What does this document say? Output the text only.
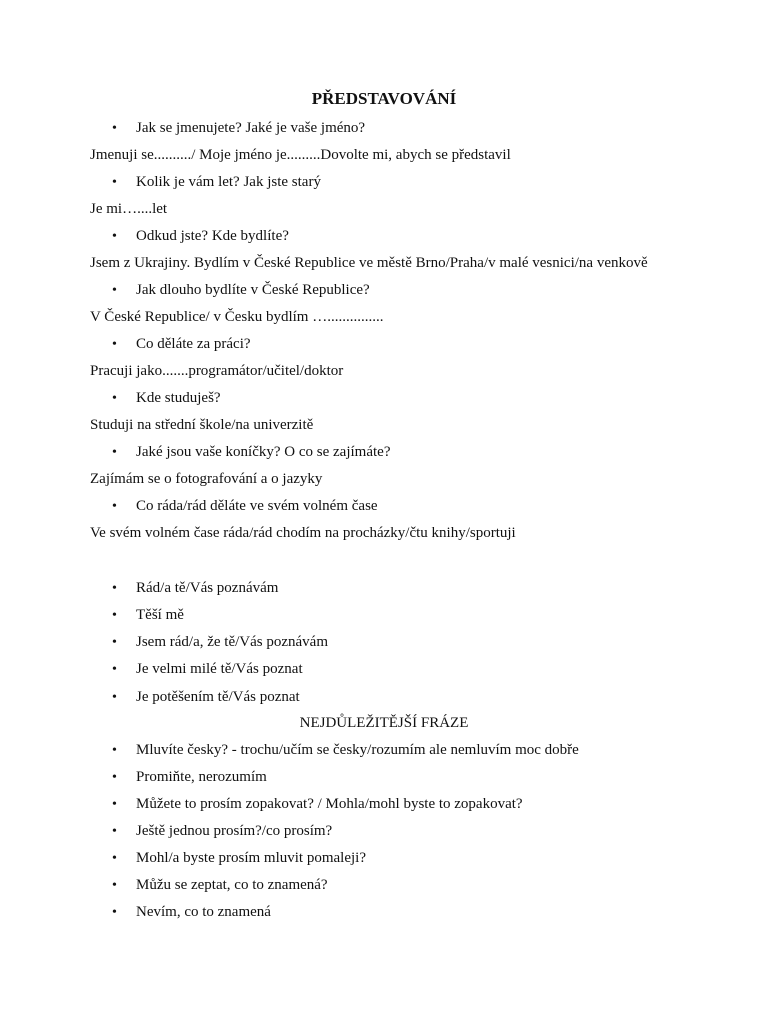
PŘEDSTAVOVÁNÍ
• Jak se jmenujete? Jaké je vaše jméno?
Jmenuji se........../ Moje jméno je.........Dovolte mi, abych se představil
• Kolik je vám let? Jak jste starý
Je mi…....let
• Odkud jste? Kde bydlíte?
Jsem z Ukrajiny. Bydlím v České Republice ve městě Brno/Praha/v malé vesnici/na venkově
• Jak dlouho bydlíte v České Republice?
V České Republice/ v Česku bydlím …...............
• Co děláte za práci?
Pracuji jako.......programátor/učitel/doktor
• Kde studuješ?
Studuji na střední škole/na univerzitě
• Jaké jsou vaše koníčky? O co se zajímáte?
Zajímám se o fotografování a o jazyky
• Co ráda/rád děláte ve svém volném čase
Ve svém volném čase ráda/rád chodím na procházky/čtu knihy/sportuji
• Rád/a tě/Vás poznávám
• Těší mě
• Jsem rád/a, že tě/Vás poznávám
• Je velmi milé tě/Vás poznat
• Je potěšením tě/Vás poznat
NEJDŮLEŽITĚJŠÍ FRÁZE
• Mluvíte česky? - trochu/učím se česky/rozumím ale nemluvím moc dobře
• Promiňte, nerozumím
• Můžete to prosím zopakovat? / Mohla/mohl byste to zopakovat?
• Ještě jednou prosím?/co prosím?
• Mohl/a byste prosím mluvit pomaleji?
• Můžu se zeptat, co to znamená?
• Nevím, co to znamená
